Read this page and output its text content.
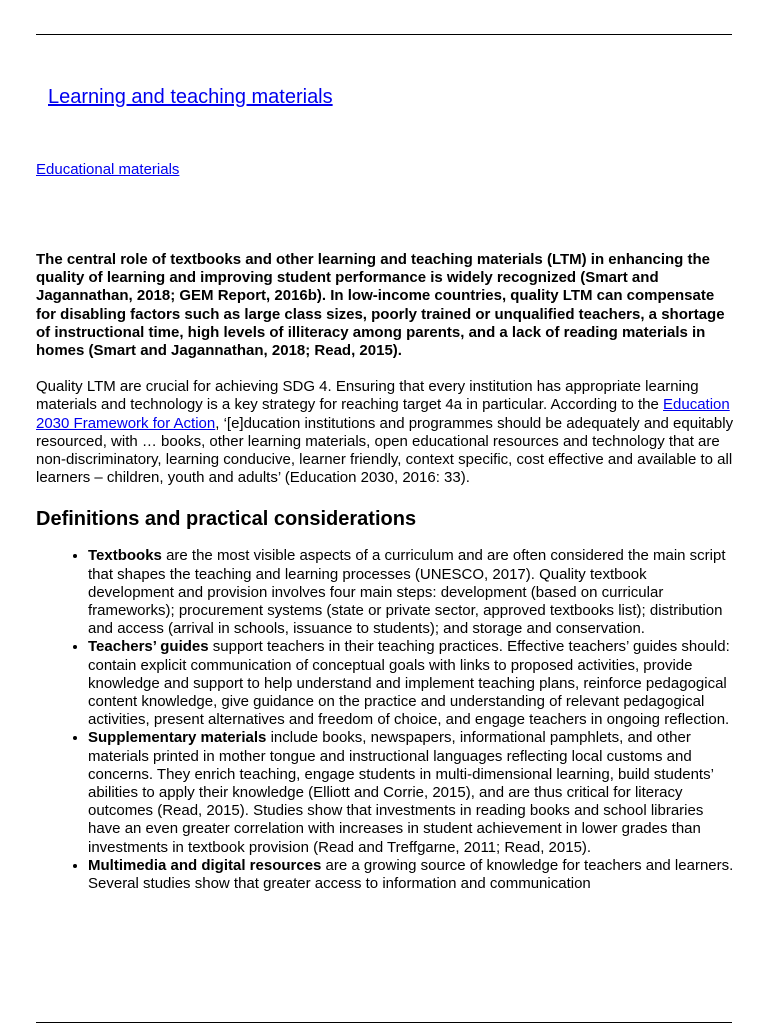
Learning and teaching materials
Educational materials

The central role of textbooks and other learning and teaching materials (LTM) in enhancing the quality of learning and improving student performance is widely recognized (Smart and Jagannathan, 2018; GEM Report, 2016b). In low-income countries, quality LTM can compensate for disabling factors such as large class sizes, poorly trained or unqualified teachers, a shortage of instructional time, high levels of illiteracy among parents, and a lack of reading materials in homes (Smart and Jagannathan, 2018; Read, 2015).

Quality LTM are crucial for achieving SDG 4. Ensuring that every institution has appropriate learning materials and technology is a key strategy for reaching target 4a in particular. According to the Education 2030 Framework for Action, ‘[e]ducation institutions and programmes should be adequately and equitably resourced, with … books, other learning materials, open educational resources and technology that are non-discriminatory, learning conducive, learner friendly, context specific, cost effective and available to all learners – children, youth and adults’ (Education 2030, 2016: 33).

Definitions and practical considerations
• Textbooks are the most visible aspects of a curriculum and are often considered the main script that shapes the teaching and learning processes (UNESCO, 2017). Quality textbook development and provision involves four main steps: development (based on curricular frameworks); procurement systems (state or private sector, approved textbooks list); distribution and access (arrival in schools, issuance to students); and storage and conservation.
• Teachers’ guides support teachers in their teaching practices. Effective teachers’ guides should: contain explicit communication of conceptual goals with links to proposed activities, provide knowledge and support to help understand and implement teaching plans, reinforce pedagogical content knowledge, give guidance on the practice and understanding of relevant pedagogical activities, present alternatives and freedom of choice, and engage teachers in ongoing reflection.
• Supplementary materials include books, newspapers, informational pamphlets, and other materials printed in mother tongue and instructional languages reflecting local customs and concerns. They enrich teaching, engage students in multi-dimensional learning, build students’ abilities to apply their knowledge (Elliott and Corrie, 2015), and are thus critical for literacy outcomes (Read, 2015). Studies show that investments in reading books and school libraries have an even greater correlation with increases in student achievement in lower grades than investments in textbook provision (Read and Treffgarne, 2011; Read, 2015).
• Multimedia and digital resources are a growing source of knowledge for teachers and learners. Several studies show that greater access to information and communication
